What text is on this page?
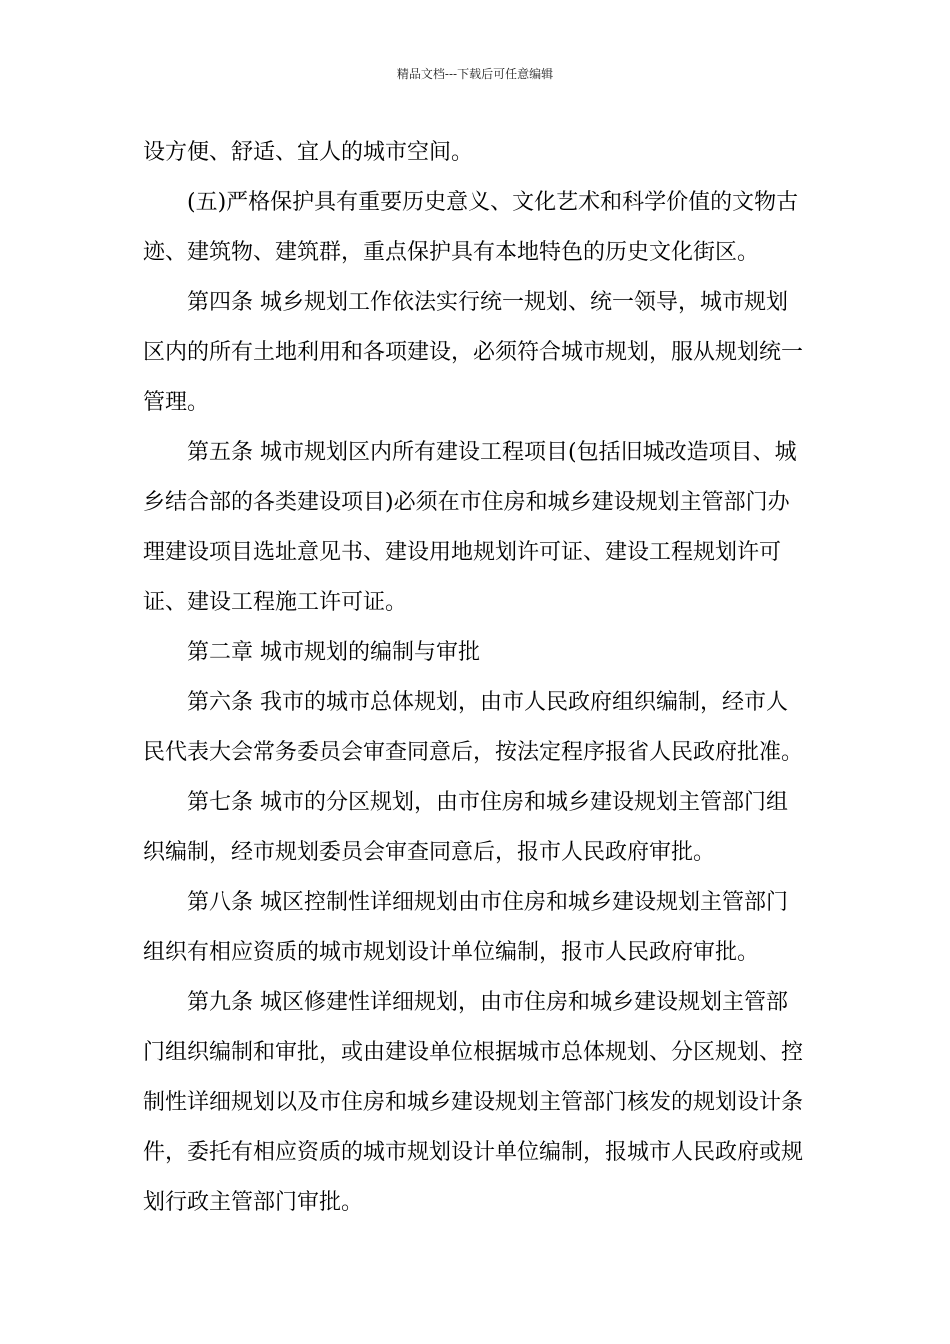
精品文档---下载后可任意编辑

设方便、舒适、宜人的城市空间。

(五)严格保护具有重要历史意义、文化艺术和科学价值的文物古迹、建筑物、建筑群，重点保护具有本地特色的历史文化街区。

第四条 城乡规划工作依法实行统一规划、统一领导，城市规划区内的所有土地利用和各项建设，必须符合城市规划，服从规划统一管理。

第五条 城市规划区内所有建设工程项目(包括旧城改造项目、城乡结合部的各类建设项目)必须在市住房和城乡建设规划主管部门办理建设项目选址意见书、建设用地规划许可证、建设工程规划许可证、建设工程施工许可证。

第二章 城市规划的编制与审批

第六条 我市的城市总体规划，由市人民政府组织编制，经市人民代表大会常务委员会审查同意后，按法定程序报省人民政府批准。

第七条 城市的分区规划，由市住房和城乡建设规划主管部门组织编制，经市规划委员会审查同意后，报市人民政府审批。

第八条 城区控制性详细规划由市住房和城乡建设规划主管部门组织有相应资质的城市规划设计单位编制，报市人民政府审批。

第九条 城区修建性详细规划，由市住房和城乡建设规划主管部门组织编制和审批，或由建设单位根据城市总体规划、分区规划、控制性详细规划以及市住房和城乡建设规划主管部门核发的规划设计条件，委托有相应资质的城市规划设计单位编制，报城市人民政府或规划行政主管部门审批。
